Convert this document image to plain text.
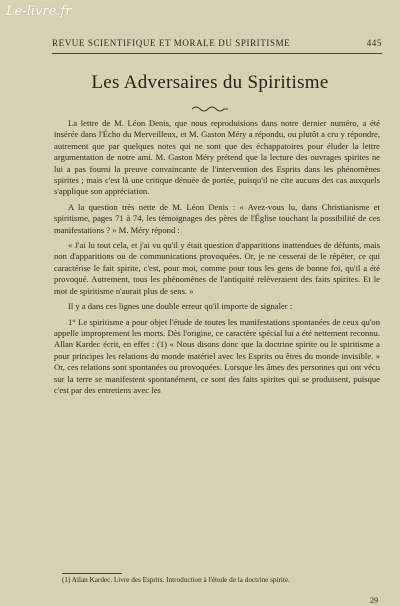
Le-livre.fr
REVUE SCIENTIFIQUE ET MORALE DU SPIRITISME	445
Les Adversaires du Spiritisme

La lettre de M. Léon Denis, que nous reproduisions dans notre dernier numéro, a été insérée dans l'Écho du Merveilleux, et M. Gaston Méry a répondu, ou plutôt a cru y répondre, autrement que par quelques notes qui ne sont que des échappatoires pour éluder la lettre argumentation de notre ami. M. Gaston Méry prétend que la lecture des ouvrages spirites ne lui a pas fourni la preuve convaincante de l'intervention des Esprits dans les phénomènes spirites ; mais c'est là une critique dénuée de portée, puisqu'il ne cite aucuns des cas auxquels s'applique son appréciation.

A la question très nette de M. Léon Denis : « Avez-vous lu, dans Christianisme et spiritisme, pages 71 à 74, les témoignages des pères de l'Église touchant la possibilité de ces manifestations ? » M. Méry répond :

« J'ai lu tout cela, et j'ai vu qu'il y était question d'apparitions inattendues de défunts, mais non d'apparitions ou de communications provoquées. Or, je ne cesserai de le répéter, ce qui caractérise le fait spirite, c'est, pour moi, comme pour tous les gens de bonne foi, qu'il a été provoqué. Autrement, tous les phénomènes de l'antiquité relèveraient des faits spirites. Et le mot de spiritisme n'aurait plus de sens. »

Il y a dans ces lignes une double erreur qu'il importe de signaler :

1° Le spiritisme a pour objet l'étude de toutes les manifestations spontanées de ceux qu'on appelle improprement les morts. Dès l'origine, ce caractère spécial lui a été nettement reconnu. Allan Kardec écrit, en effet : (1) « Nous disons donc que la doctrine spirite ou le spiritisme a pour principes les relations du monde matériel avec les Esprits ou êtres du monde invisible. » Or, ces relations sont spontanées ou provoquées. Lorsque les âmes des personnes qui ont vécu sur la terre se manifestent spontanément, ce sont des faits spirites qui se produisent, puisque c'est par des entretiens avec les

(1) Allan Kardec. Livre des Esprits. Introduction à l'étude de la doctrine spirite.
29
